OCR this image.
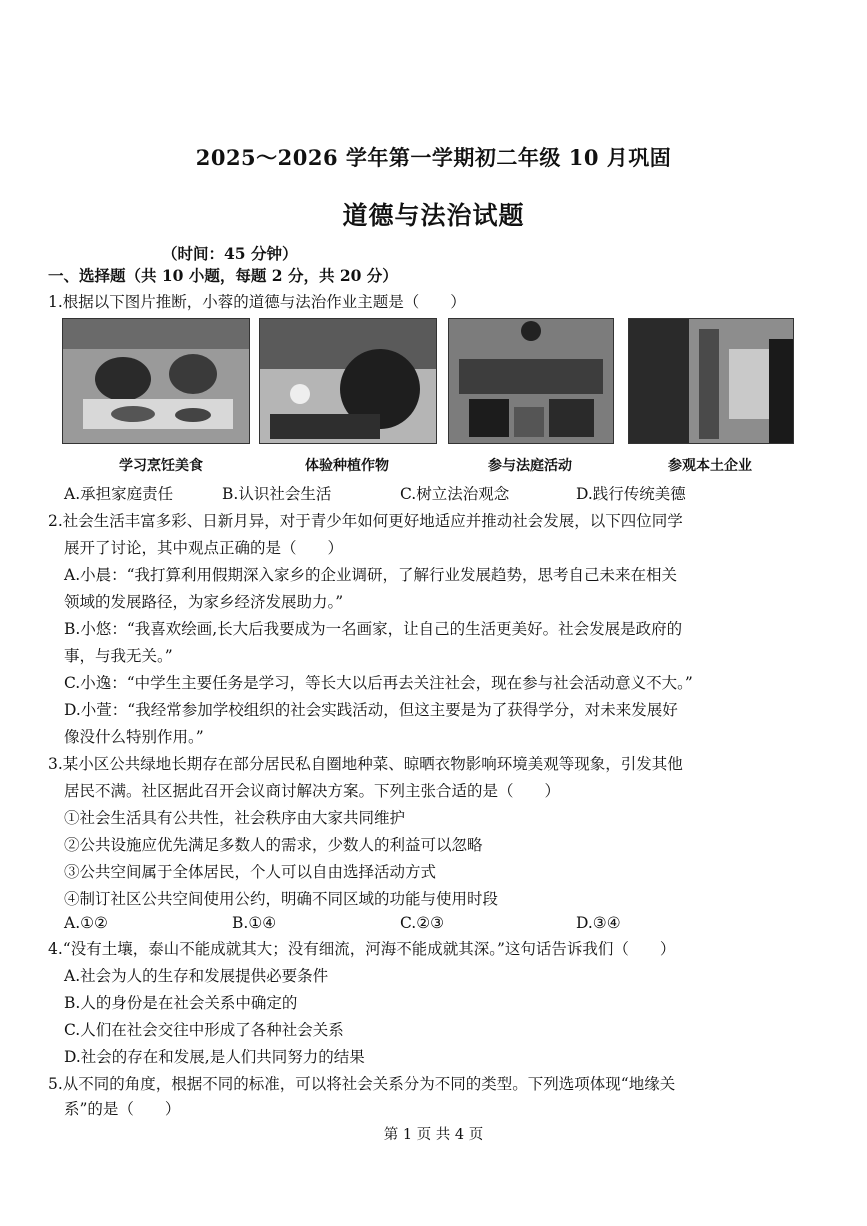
2025～2026 学年第一学期初二年级 10 月巩固
道德与法治试题
（时间：45 分钟）
一、选择题（共 10 小题，每题 2 分，共 20 分）
1.根据以下图片推断，小蓉的道德与法治作业主题是（　　）
学习烹饪美食	体验种植作物	参与法庭活动	参观本土企业
A.承担家庭责任	B.认识社会生活	C.树立法治观念	D.践行传统美德
2.社会生活丰富多彩、日新月异，对于青少年如何更好地适应并推动社会发展，以下四位同学
展开了讨论，其中观点正确的是（　　）
A.小晨：“我打算利用假期深入家乡的企业调研，了解行业发展趋势，思考自己未来在相关
领域的发展路径，为家乡经济发展助力。”
B.小悠：“我喜欢绘画,长大后我要成为一名画家，让自己的生活更美好。社会发展是政府的
事，与我无关。”
C.小逸：“中学生主要任务是学习，等长大以后再去关注社会，现在参与社会活动意义不大。”
D.小萱：“我经常参加学校组织的社会实践活动，但这主要是为了获得学分，对未来发展好
像没什么特别作用。”
3.某小区公共绿地长期存在部分居民私自圈地种菜、晾晒衣物影响环境美观等现象，引发其他
居民不满。社区据此召开会议商讨解决方案。下列主张合适的是（　　）
①社会生活具有公共性，社会秩序由大家共同维护
②公共设施应优先满足多数人的需求，少数人的利益可以忽略
③公共空间属于全体居民，个人可以自由选择活动方式
④制订社区公共空间使用公约，明确不同区域的功能与使用时段
A.①②	B.①④	C.②③	D.③④
4.“没有土壤，泰山不能成就其大；没有细流，河海不能成就其深。”这句话告诉我们（　　）
A.社会为人的生存和发展提供必要条件
B.人的身份是在社会关系中确定的
C.人们在社会交往中形成了各种社会关系
D.社会的存在和发展,是人们共同努力的结果
5.从不同的角度，根据不同的标准，可以将社会关系分为不同的类型。下列选项体现“地缘关
系”的是（　　）
第 1 页 共 4 页
